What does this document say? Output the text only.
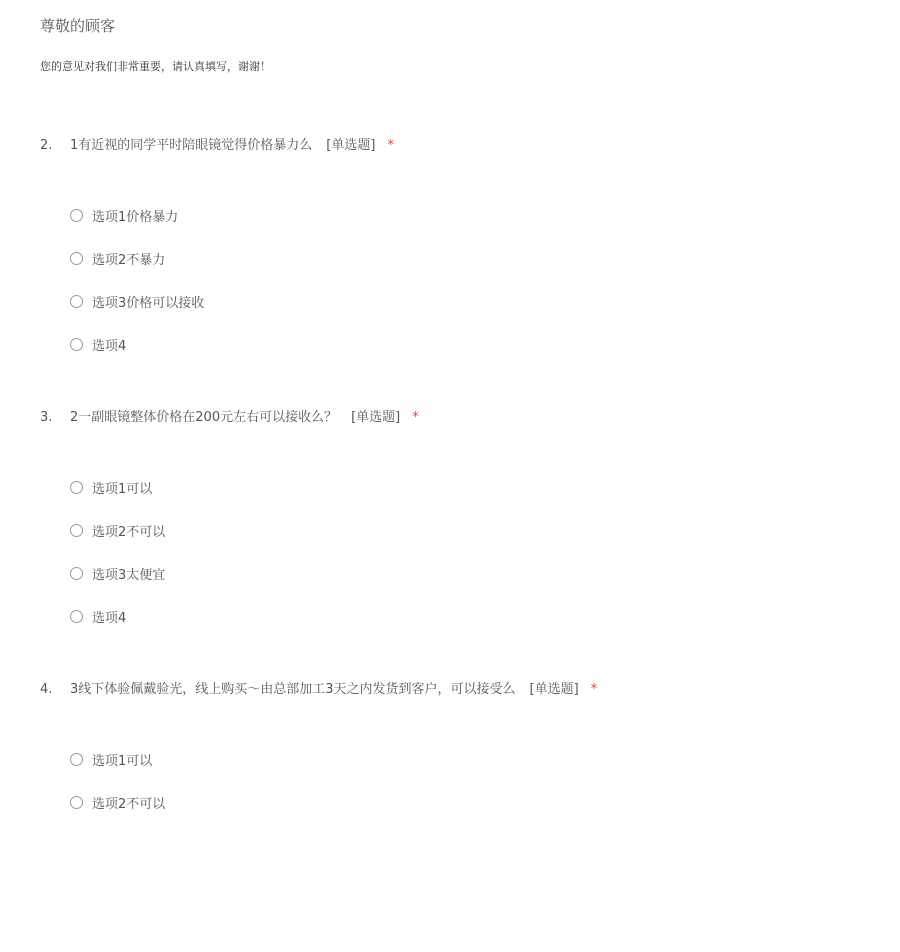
尊敬的顾客
您的意见对我们非常重要，请认真填写，谢谢！
2. 1有近视的同学平时陪眼镜觉得价格暴力么 [单选题] *
选项1价格暴力
选项2不暴力
选项3价格可以接收
选项4
3. 2一副眼镜整体价格在200元左右可以接收么？ [单选题] *
选项1可以
选项2不可以
选项3太便宜
选项4
4. 3线下体验佩戴验光，线上购买～由总部加工3天之内发货到客户，可以接受么 [单选题] *
选项1可以
选项2不可以
